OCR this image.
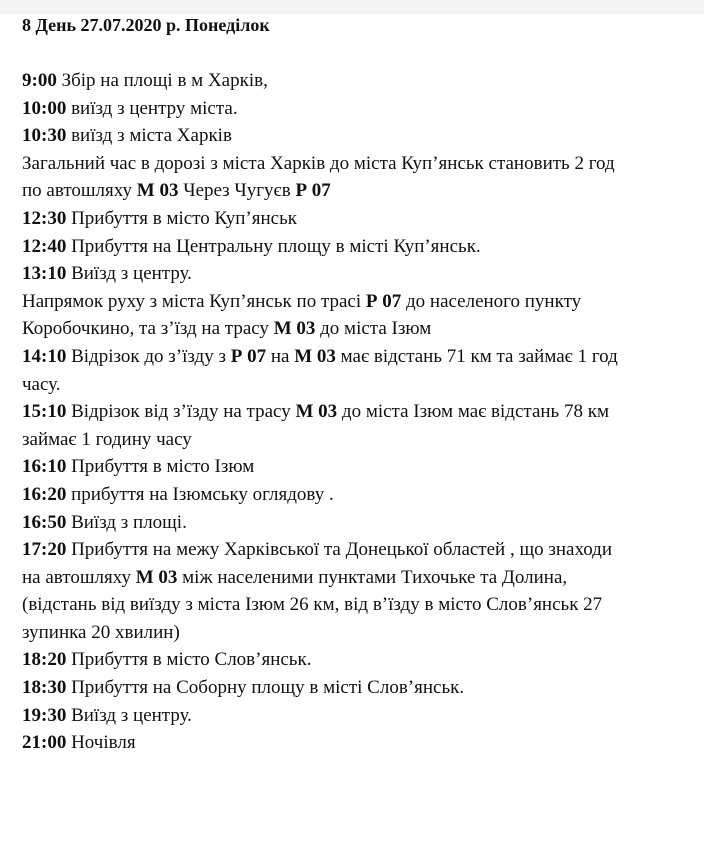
8 День 27.07.2020 р. Понеділок
9:00 Збір на площі в м Харків,
10:00 виїзд з центру міста.
10:30 виїзд з міста Харків
Загальний час в дорозі з міста Харків до міста Куп’янськ становить 2 год
по автошляху М 03 Через Чугуєв Р 07
12:30 Прибуття в місто Куп’янськ
12:40 Прибуття на Центральну площу в місті Куп’янськ.
13:10 Виїзд з центру.
Напрямок руху з міста Куп’янськ по трасі Р 07 до населеного пункту
Коробочкино, та з’їзд на трасу М 03 до міста Ізюм
14:10 Відрізок до з’їзду з Р 07 на М 03 має відстань 71 км та займає 1 год
часу.
15:10 Відрізок від з’їзду на трасу М 03 до міста Ізюм має відстань 78 км
займає 1 годину часу
16:10 Прибуття в місто Ізюм
16:20 прибуття на Ізюмську оглядову .
16:50 Виїзд з площі.
17:20 Прибуття на межу Харківської та Донецької областей , що знаходи
на автошляху М 03 між населеними пунктами Тихочьке та Долина,
(відстань від виїзду з міста Ізюм 26 км, від в’їзду в місто Слов’янськ 27
зупинка 20 хвилин)
18:20 Прибуття в місто Слов’янськ.
18:30 Прибуття на Соборну площу в місті Слов’янськ.
19:30 Виїзд з центру.
21:00 Ночівля
